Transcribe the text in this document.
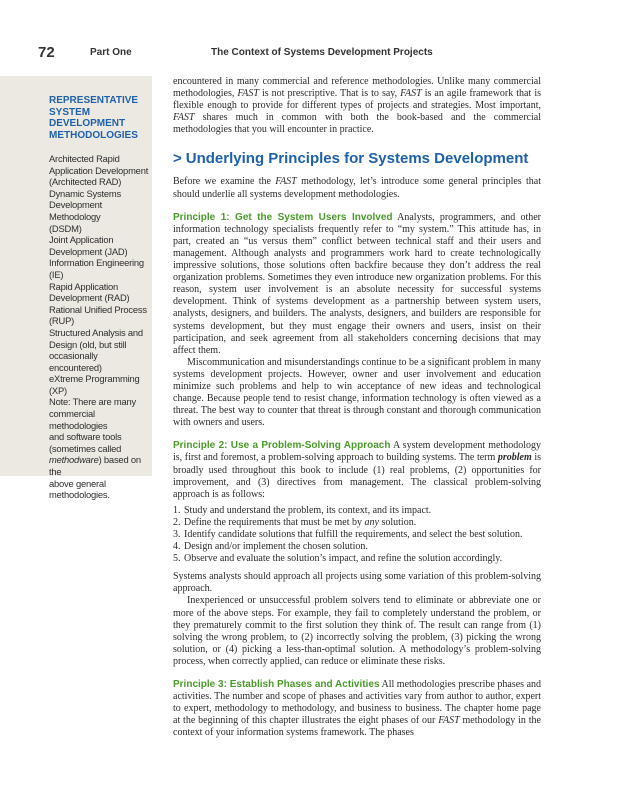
72	Part One	The Context of Systems Development Projects
REPRESENTATIVE
SYSTEM
DEVELOPMENT
METHODOLOGIES
Architected Rapid
Application Development
(Architected RAD)
Dynamic Systems
Development Methodology
(DSDM)
Joint Application
Development (JAD)
Information Engineering (IE)
Rapid Application
Development (RAD)
Rational Unified Process
(RUP)
Structured Analysis and
Design (old, but still
occasionally encountered)
eXtreme Programming (XP)
Note: There are many
commercial methodologies
and software tools
(sometimes called
methodware) based on the
above general
methodologies.

encountered in many commercial and reference methodologies. Unlike many commercial methodologies, FAST is not prescriptive. That is to say, FAST is an agile framework that is flexible enough to provide for different types of projects and strategies. Most important, FAST shares much in common with both the book-based and the commercial methodologies that you will encounter in practice.

> Underlying Principles for Systems Development

Before we examine the FAST methodology, let’s introduce some general principles that should underlie all systems development methodologies.

Principle 1: Get the System Users Involved Analysts, programmers, and other information technology specialists frequently refer to “my system.” This attitude has, in part, created an “us versus them” conflict between technical staff and their users and management. Although analysts and programmers work hard to create technologically impressive solutions, those solutions often backfire because they don’t address the real organization problems. Sometimes they even introduce new organization problems. For this reason, system user involvement is an absolute necessity for successful systems development. Think of systems development as a partnership between system users, analysts, designers, and builders. The analysts, designers, and builders are responsible for systems development, but they must engage their owners and users, insist on their participation, and seek agreement from all stakeholders concerning decisions that may affect them.

Miscommunication and misunderstandings continue to be a significant problem in many systems development projects. However, owner and user involvement and education minimize such problems and help to win acceptance of new ideas and technological change. Because people tend to resist change, information technology is often viewed as a threat. The best way to counter that threat is through constant and thorough communication with owners and users.

Principle 2: Use a Problem-Solving Approach A system development methodology is, first and foremost, a problem-solving approach to building systems. The term problem is broadly used throughout this book to include (1) real problems, (2) opportunities for improvement, and (3) directives from management. The classical problem-solving approach is as follows:

1. Study and understand the problem, its context, and its impact.
2. Define the requirements that must be met by any solution.
3. Identify candidate solutions that fulfill the requirements, and select the best solution.
4. Design and/or implement the chosen solution.
5. Observe and evaluate the solution’s impact, and refine the solution accordingly.

Systems analysts should approach all projects using some variation of this problem-solving approach.

Inexperienced or unsuccessful problem solvers tend to eliminate or abbreviate one or more of the above steps. For example, they fail to completely understand the problem, or they prematurely commit to the first solution they think of. The result can range from (1) solving the wrong problem, to (2) incorrectly solving the problem, (3) picking the wrong solution, or (4) picking a less-than-optimal solution. A methodology’s problem-solving process, when correctly applied, can reduce or eliminate these risks.

Principle 3: Establish Phases and Activities All methodologies prescribe phases and activities. The number and scope of phases and activities vary from author to author, expert to expert, methodology to methodology, and business to business. The chapter home page at the beginning of this chapter illustrates the eight phases of our FAST methodology in the context of your information systems framework. The phases
